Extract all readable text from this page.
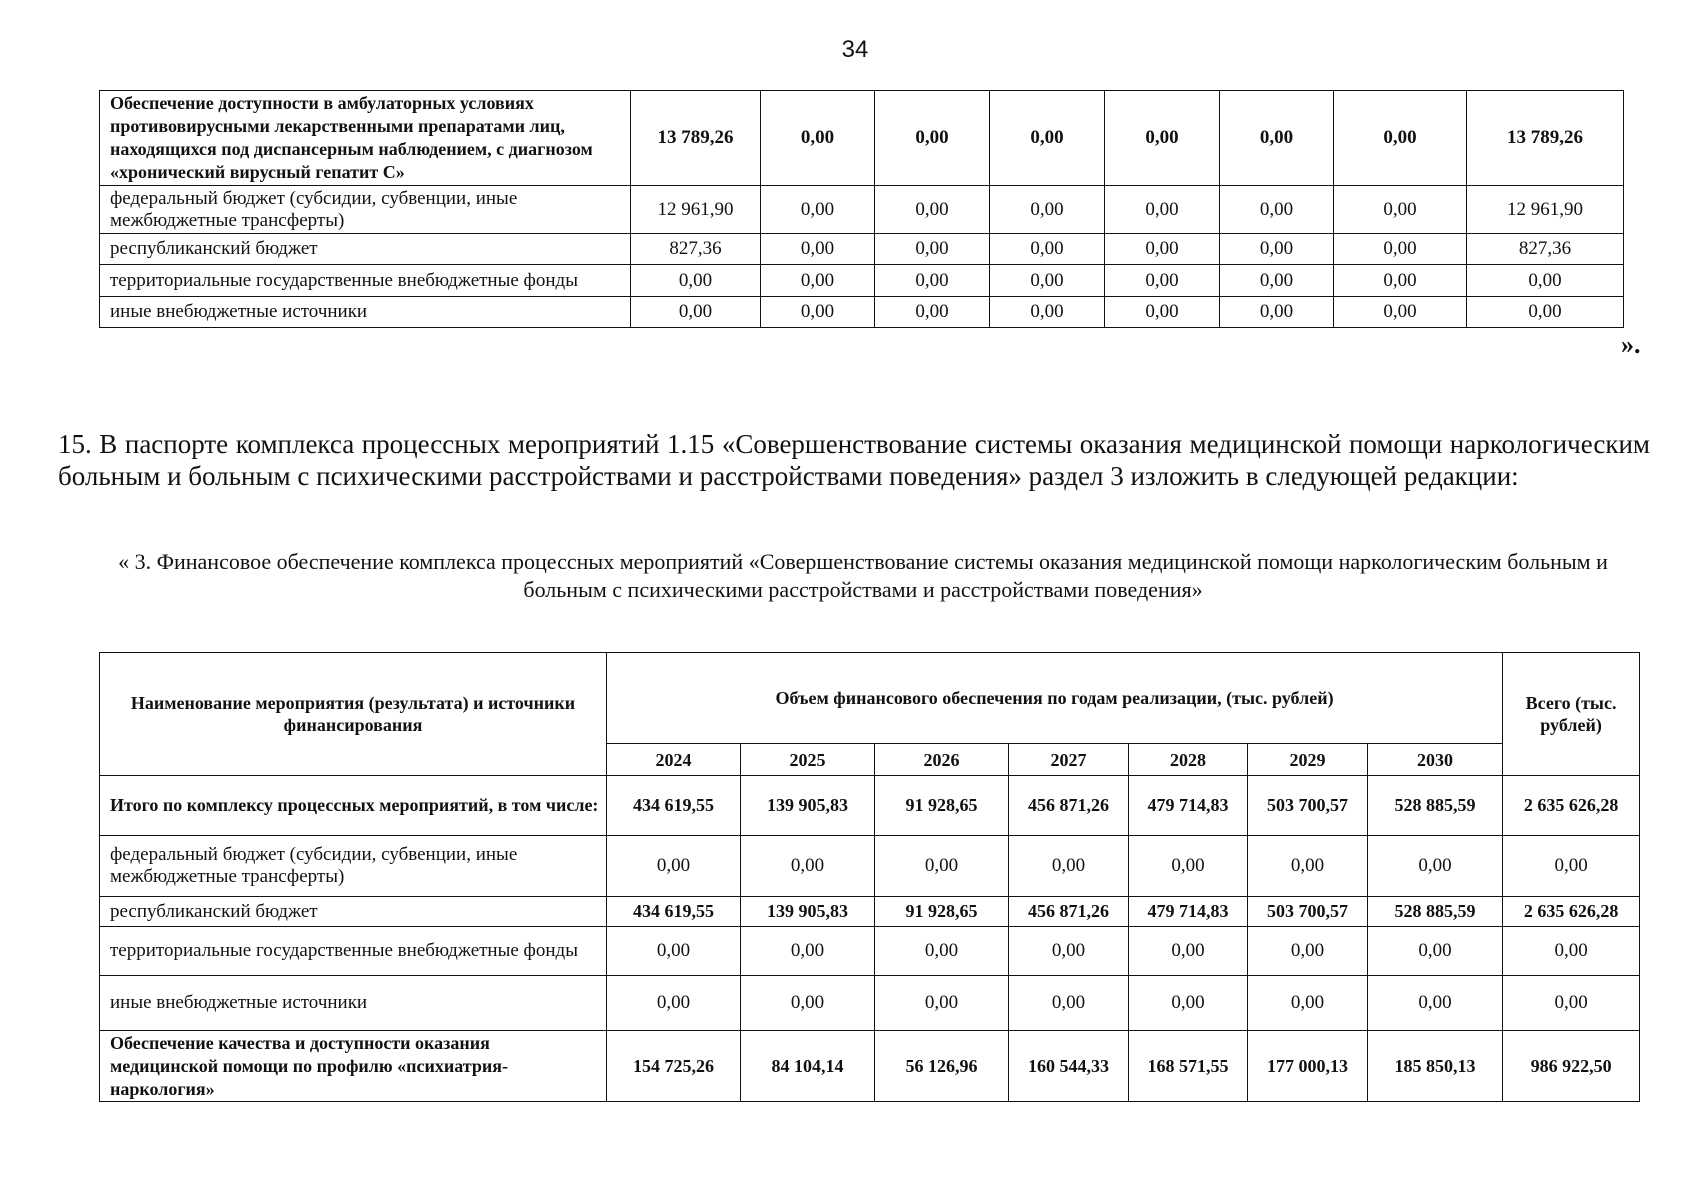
34
Обеспечение доступности в амбулаторных условиях противовирусными лекарственными препаратами лиц, находящихся под диспансерным наблюдением, с диагнозом «хронический вирусный гепатит C»	13 789,26	0,00	0,00	0,00	0,00	0,00	0,00	13 789,26
федеральный бюджет (субсидии, субвенции, иные межбюджетные трансферты)	12 961,90	0,00	0,00	0,00	0,00	0,00	0,00	12 961,90
республиканский бюджет	827,36	0,00	0,00	0,00	0,00	0,00	0,00	827,36
территориальные государственные внебюджетные фонды	0,00	0,00	0,00	0,00	0,00	0,00	0,00	0,00
иные внебюджетные источники	0,00	0,00	0,00	0,00	0,00	0,00	0,00	0,00
».
15. В паспорте комплекса процессных мероприятий 1.15 «Совершенствование системы оказания медицинской помощи наркологическим больным и больным с психическими расстройствами и расстройствами поведения» раздел 3 изложить в следующей редакции:
« 3. Финансовое обеспечение комплекса процессных мероприятий «Совершенствование системы оказания медицинской помощи наркологическим больным и больным с психическими расстройствами и расстройствами поведения»
Наименование мероприятия (результата) и источники финансирования	Объем финансового обеспечения по годам реализации, (тыс. рублей)							Всего (тыс. рублей)
	2024	2025	2026	2027	2028	2029	2030	
Итого по комплексу процессных мероприятий, в том числе:	434 619,55	139 905,83	91 928,65	456 871,26	479 714,83	503 700,57	528 885,59	2 635 626,28
федеральный бюджет (субсидии, субвенции, иные межбюджетные трансферты)	0,00	0,00	0,00	0,00	0,00	0,00	0,00	0,00
республиканский бюджет	434 619,55	139 905,83	91 928,65	456 871,26	479 714,83	503 700,57	528 885,59	2 635 626,28
территориальные государственные внебюджетные фонды	0,00	0,00	0,00	0,00	0,00	0,00	0,00	0,00
иные внебюджетные источники	0,00	0,00	0,00	0,00	0,00	0,00	0,00	0,00
Обеспечение качества и доступности оказания медицинской помощи по профилю «психиатрия-наркология»	154 725,26	84 104,14	56 126,96	160 544,33	168 571,55	177 000,13	185 850,13	986 922,50
